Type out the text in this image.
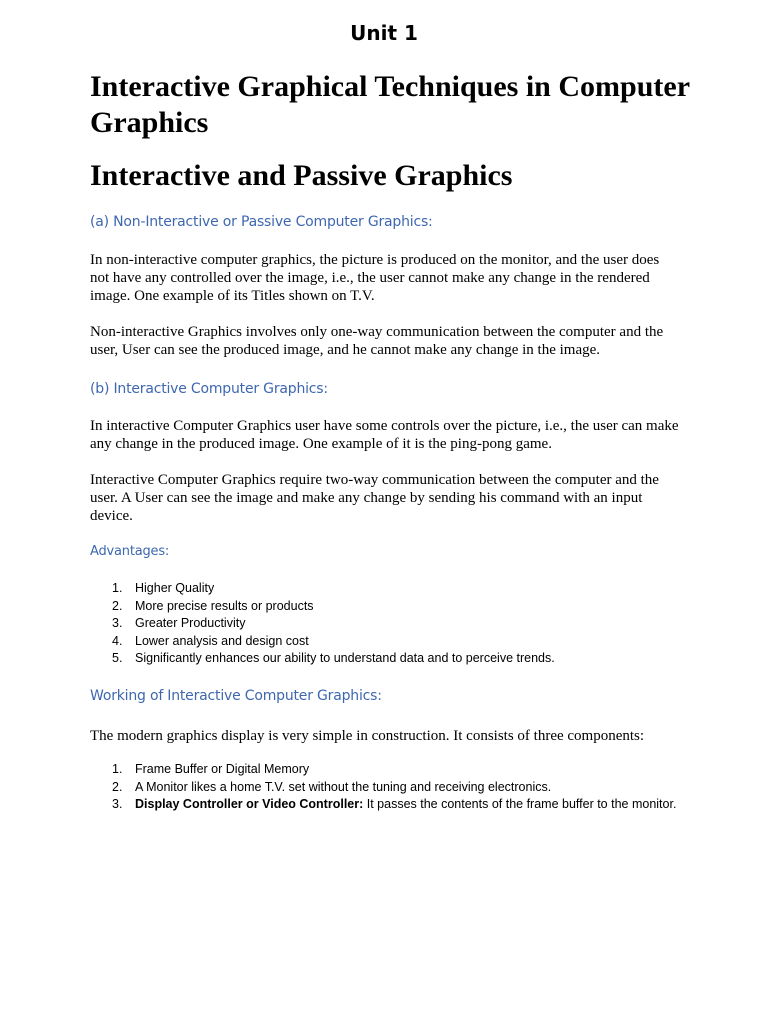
Unit 1
Interactive Graphical Techniques in Computer Graphics
Interactive and Passive Graphics
(a) Non-Interactive or Passive Computer Graphics:

In non-interactive computer graphics, the picture is produced on the monitor, and the user does not have any controlled over the image, i.e., the user cannot make any change in the rendered image. One example of its Titles shown on T.V.

Non-interactive Graphics involves only one-way communication between the computer and the user, User can see the produced image, and he cannot make any change in the image.

(b) Interactive Computer Graphics:

In interactive Computer Graphics user have some controls over the picture, i.e., the user can make any change in the produced image. One example of it is the ping-pong game.

Interactive Computer Graphics require two-way communication between the computer and the user. A User can see the image and make any change by sending his command with an input device.

Advantages:
1. Higher Quality
2. More precise results or products
3. Greater Productivity
4. Lower analysis and design cost
5. Significantly enhances our ability to understand data and to perceive trends.
Working of Interactive Computer Graphics:

The modern graphics display is very simple in construction. It consists of three components:

1. Frame Buffer or Digital Memory
2. A Monitor likes a home T.V. set without the tuning and receiving electronics.
3. Display Controller or Video Controller: It passes the contents of the frame buffer to the monitor.
